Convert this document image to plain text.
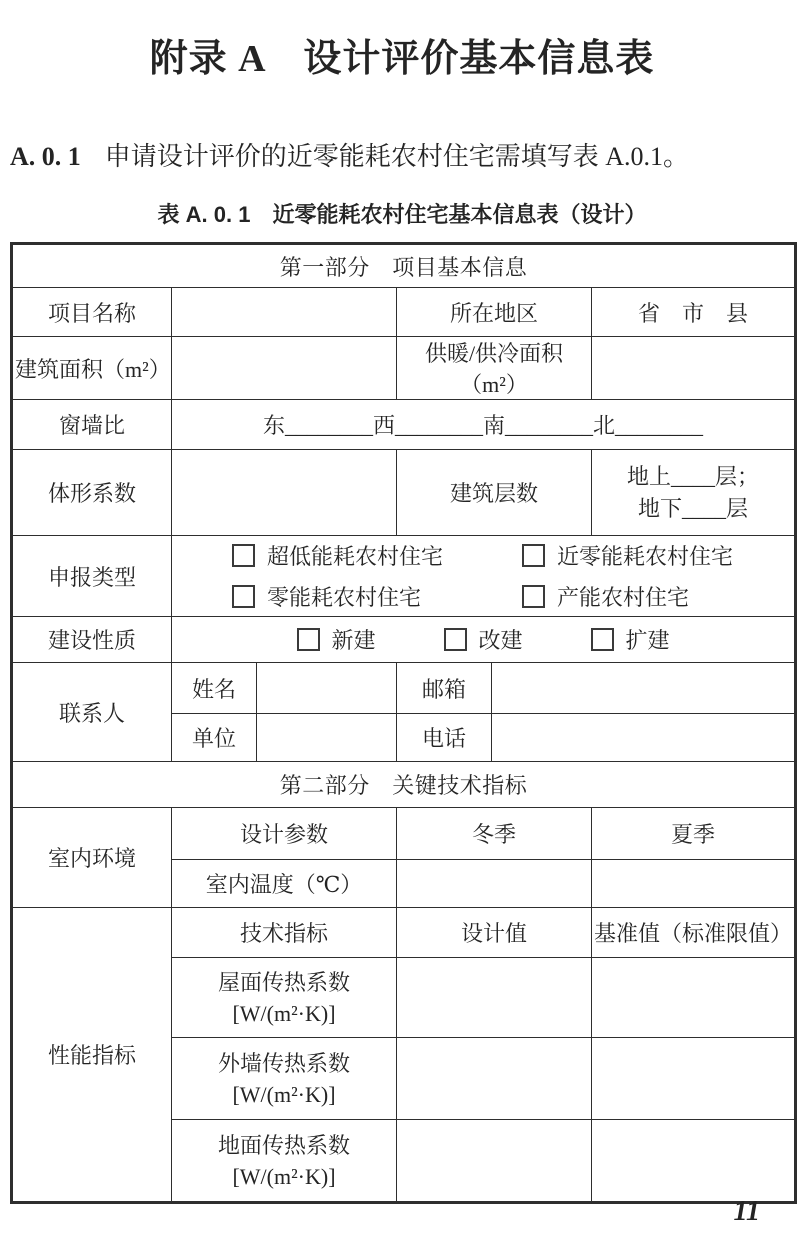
附录 A　设计评价基本信息表

A. 0. 1 申请设计评价的近零能耗农村住宅需填写表 A.0.1。

表 A. 0. 1　近零能耗农村住宅基本信息表（设计）
第一部分　项目基本信息					
项目名称			所在地区		省　市　县
建筑面积（m²）			供暖/供冷面积（m²）		
窗墙比	东________西________南________北________				
体形系数			建筑层数		地上____层；
地下____层

申报类型	超低能耗农村住宅 近零能耗农村住宅
零能耗农村住宅 产能农村住宅				

建设性质	新建 改建 扩建				

联系人	姓名		邮箱		
	单位		电话		
第二部分　关键技术指标					
室内环境	设计参数		冬季		夏季
	室内温度（℃）				
性能指标	技术指标		设计值		基准值（标准限值）

	屋面传热系数
[W/(m²·K)]				

	外墙传热系数
[W/(m²·K)]				

	地面传热系数
[W/(m²·K)]				

11
